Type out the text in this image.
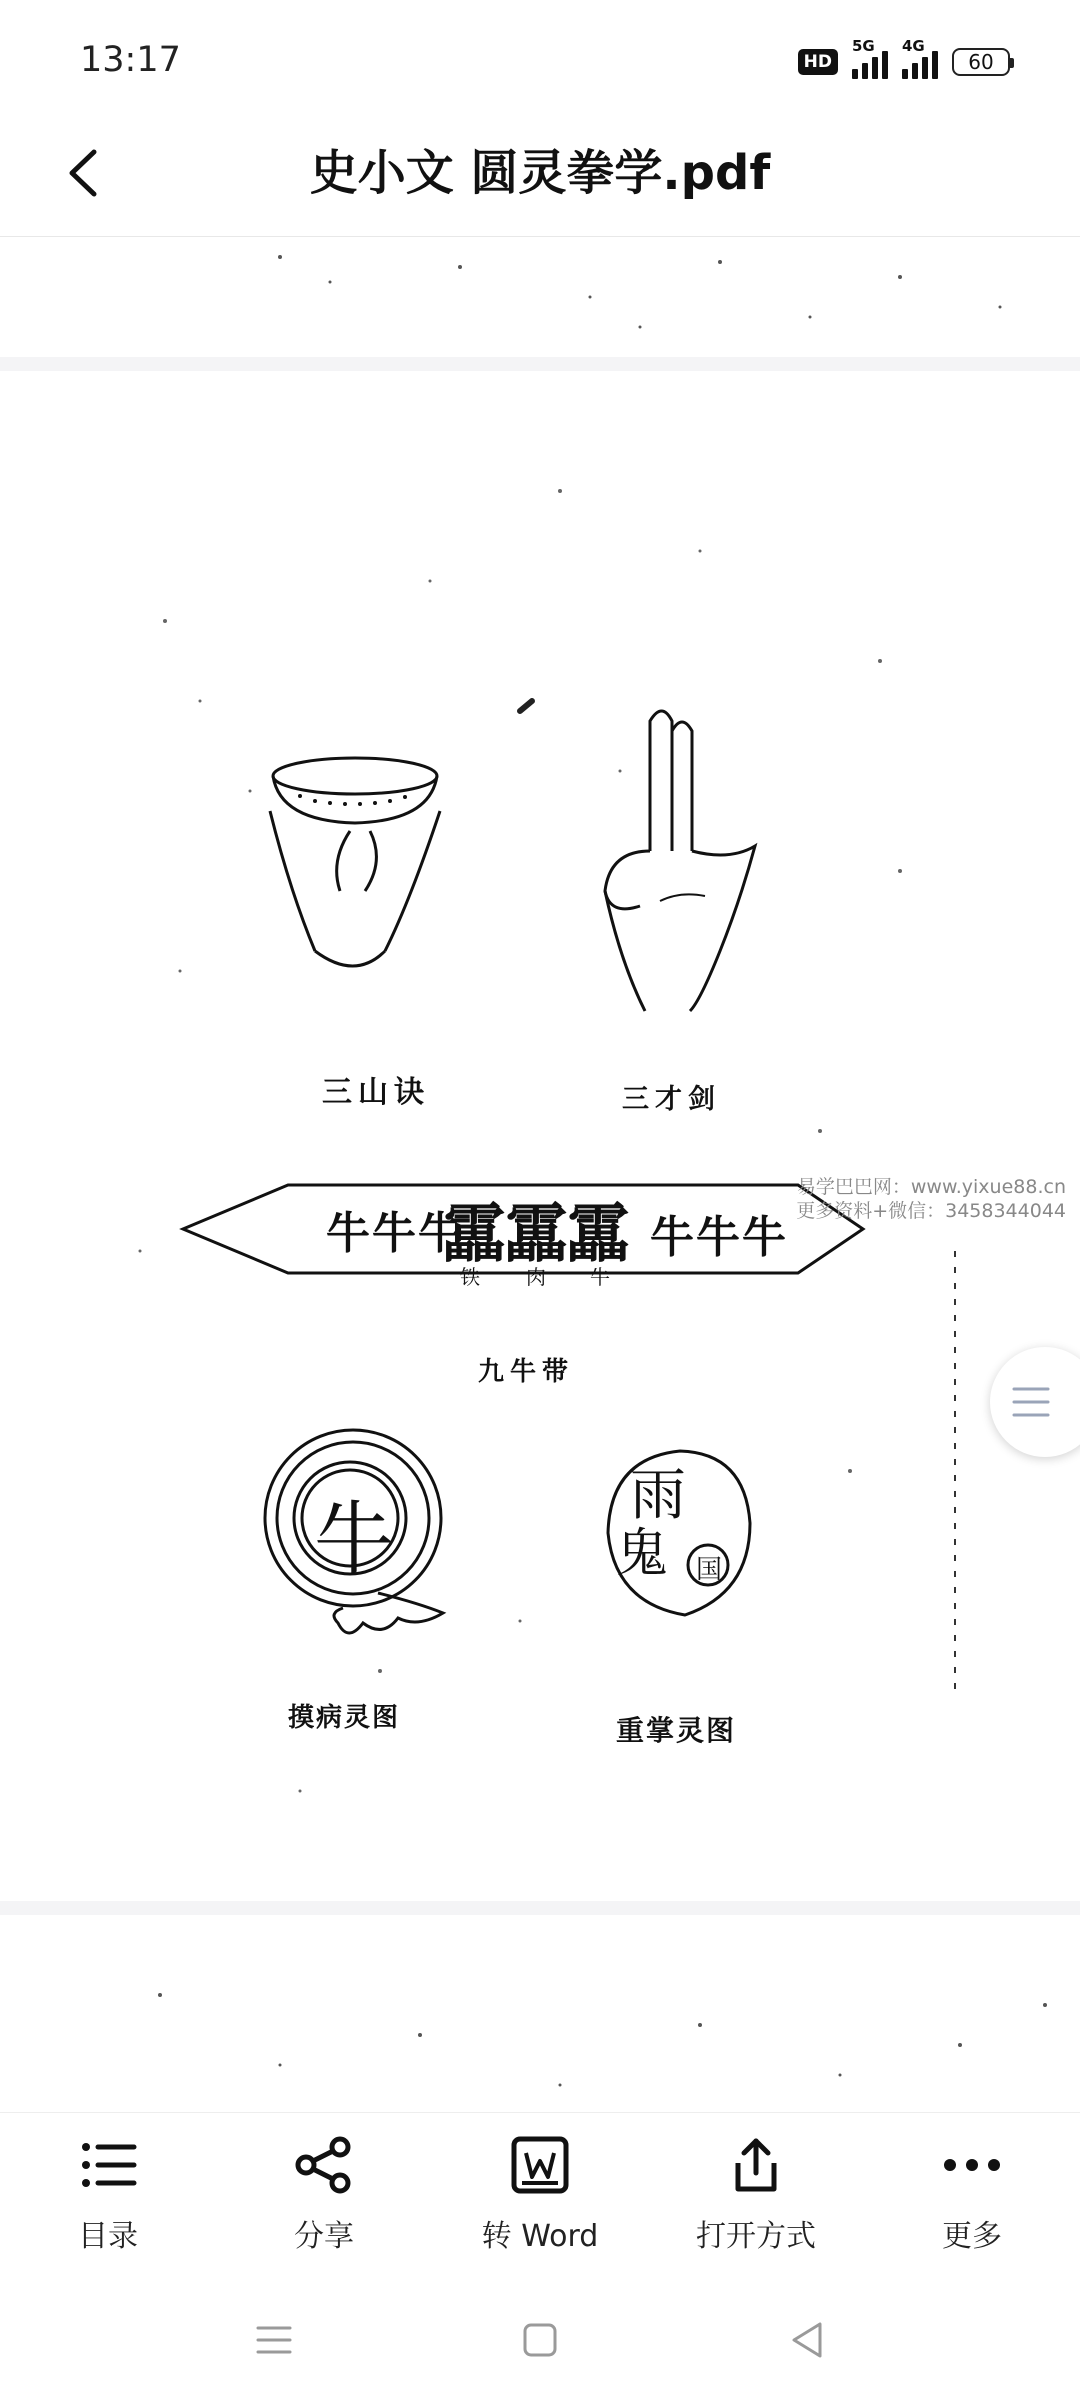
13:17	HD
5G 4G
60
史小文 圆灵拳学.pdf
三山诀	三才剑
牛牛牛
靁靁靁
铁 肉 牛
牛牛牛
九牛带
牛
摸病灵图
雨
鬼 国
重掌灵图
易学巴巴网：www.yixue88.cn
更多资料+微信：3458344044
目录	分享	转 Word	打开方式	更多
